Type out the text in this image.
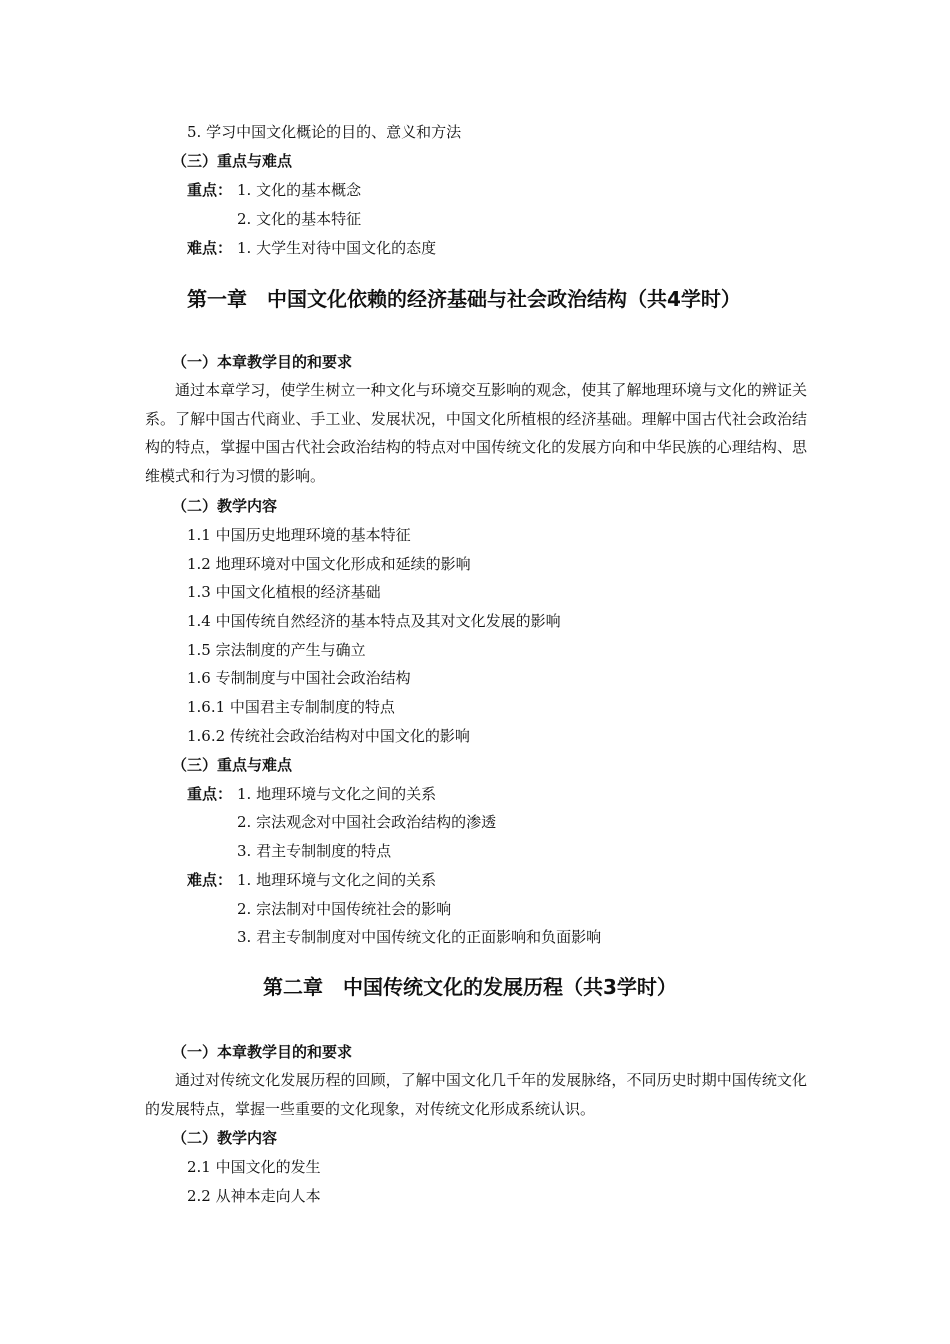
5. 学习中国文化概论的目的、意义和方法
（三）重点与难点
重点： 1. 文化的基本概念
2. 文化的基本特征
难点： 1. 大学生对待中国文化的态度
第一章　中国文化依赖的经济基础与社会政治结构（共4学时）
（一）本章教学目的和要求
通过本章学习，使学生树立一种文化与环境交互影响的观念，使其了解地理环境与文化的辨证关系。了解中国古代商业、手工业、发展状况，中国文化所植根的经济基础。理解中国古代社会政治结构的特点，掌握中国古代社会政治结构的特点对中国传统文化的发展方向和中华民族的心理结构、思维模式和行为习惯的影响。
（二）教学内容
1.1 中国历史地理环境的基本特征
1.2 地理环境对中国文化形成和延续的影响
1.3 中国文化植根的经济基础
1.4 中国传统自然经济的基本特点及其对文化发展的影响
1.5 宗法制度的产生与确立
1.6 专制制度与中国社会政治结构
1.6.1 中国君主专制制度的特点
1.6.2 传统社会政治结构对中国文化的影响
（三）重点与难点
重点： 1. 地理环境与文化之间的关系
2. 宗法观念对中国社会政治结构的渗透
3. 君主专制制度的特点
难点： 1. 地理环境与文化之间的关系
2. 宗法制对中国传统社会的影响
3. 君主专制制度对中国传统文化的正面影响和负面影响
第二章　中国传统文化的发展历程（共3学时）
（一）本章教学目的和要求
通过对传统文化发展历程的回顾，了解中国文化几千年的发展脉络，不同历史时期中国传统文化的发展特点，掌握一些重要的文化现象，对传统文化形成系统认识。
（二）教学内容
2.1 中国文化的发生
2.2 从神本走向人本
